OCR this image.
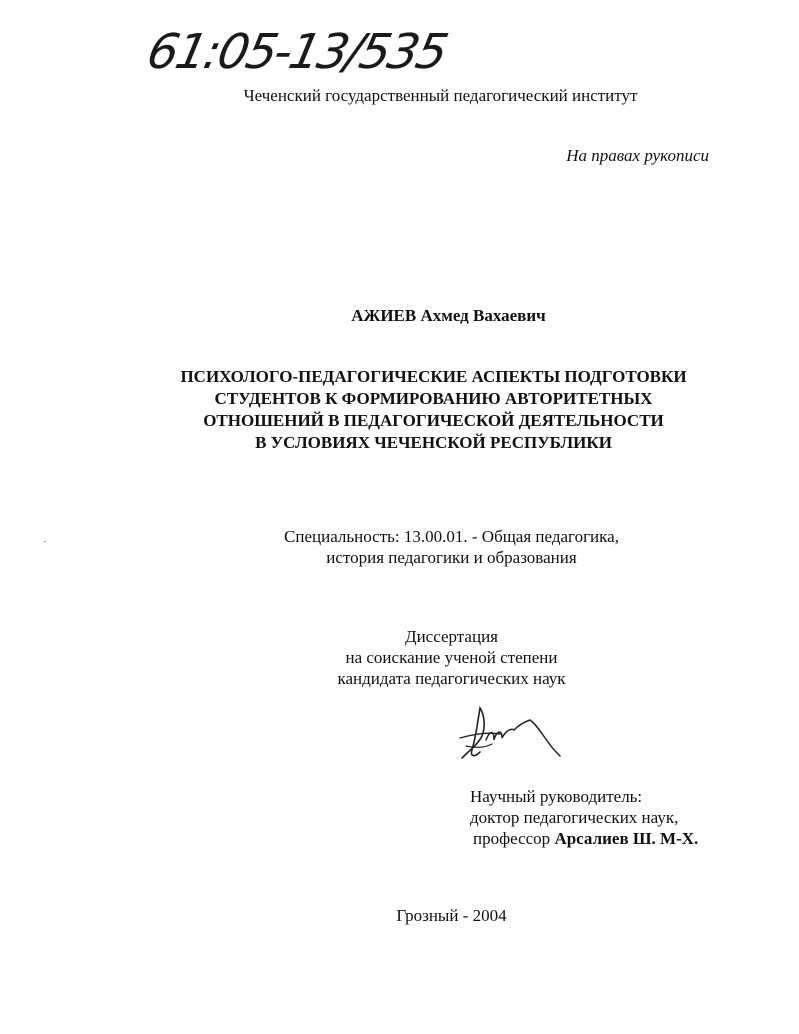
61:05-13/535
Чеченский государственный педагогический институт
На правах рукописи
АЖИЕВ Ахмед Вахаевич
ПСИХОЛОГО-ПЕДАГОГИЧЕСКИЕ АСПЕКТЫ ПОДГОТОВКИ
СТУДЕНТОВ К ФОРМИРОВАНИЮ АВТОРИТЕТНЫХ
ОТНОШЕНИЙ В ПЕДАГОГИЧЕСКОЙ ДЕЯТЕЛЬНОСТИ
В УСЛОВИЯХ ЧЕЧЕНСКОЙ РЕСПУБЛИКИ
Специальность: 13.00.01. - Общая педагогика,
история педагогики и образования
Диссертация
на соискание ученой степени
кандидата педагогических наук
Научный руководитель:
доктор педагогических наук,
профессор Арсалиев Ш. М-Х.
Грозный - 2004
